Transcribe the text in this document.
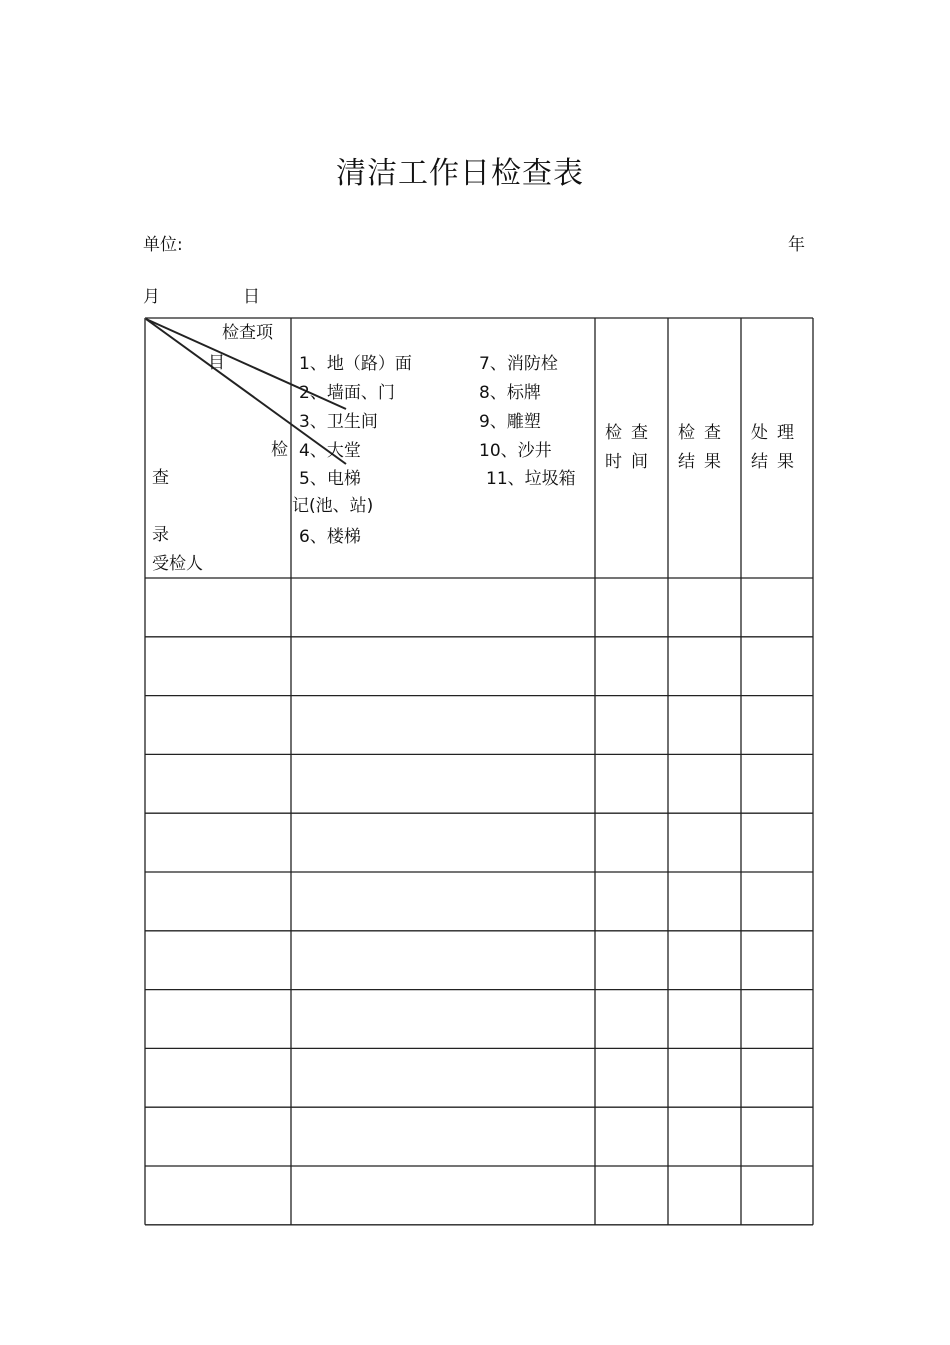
清洁工作日检查表
单位:	年
月	日
检查项
目
检
查
记(池、站)
录
受检人
1、地（路）面
2、墙面、门
3、卫生间
4、大堂
5、电梯
6、楼梯
7、消防栓
8、标牌
9、雕塑
10、沙井
11、垃圾箱
检查
时间
检查
结果
处理
结果
